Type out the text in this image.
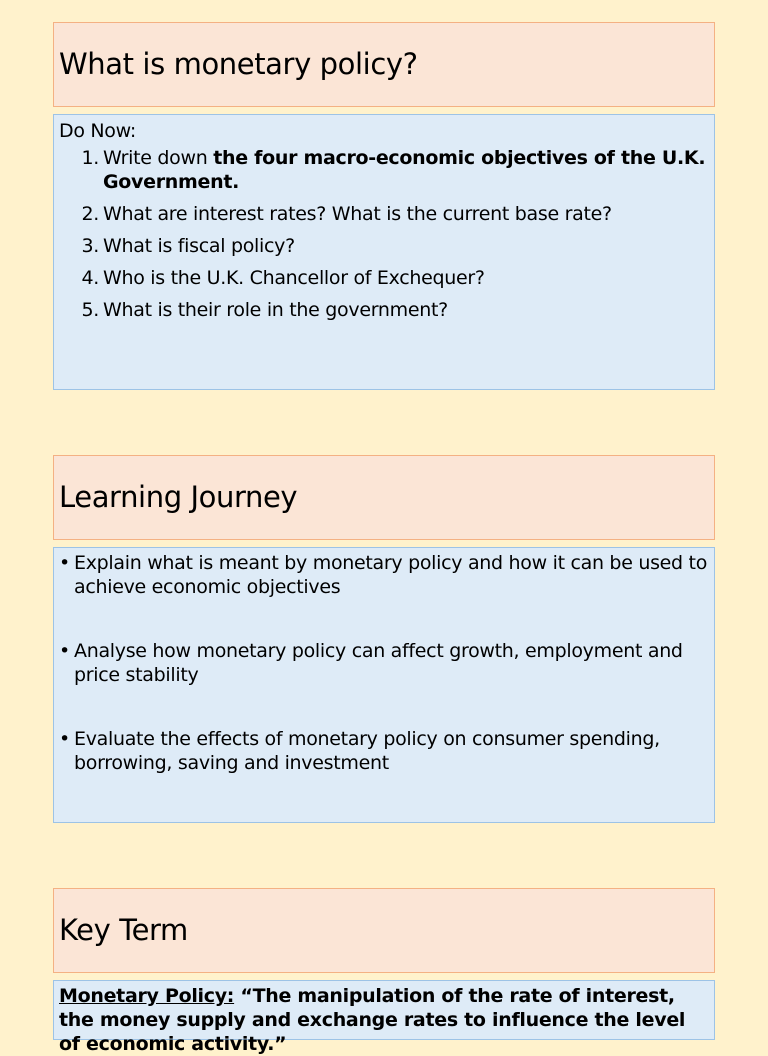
What is monetary policy?
Do Now:
1. Write down the four macro-economic objectives of the U.K. Government.
2. What are interest rates? What is the current base rate?
3. What is fiscal policy?
4. Who is the U.K. Chancellor of Exchequer?
5. What is their role in the government?
Learning Journey
• Explain what is meant by monetary policy and how it can be used to achieve economic objectives
• Analyse how monetary policy can affect growth, employment and price stability
• Evaluate the effects of monetary policy on consumer spending, borrowing, saving and investment
Key Term

Monetary Policy: “The manipulation of the rate of interest, the money supply and exchange rates to influence the level of economic activity.”
